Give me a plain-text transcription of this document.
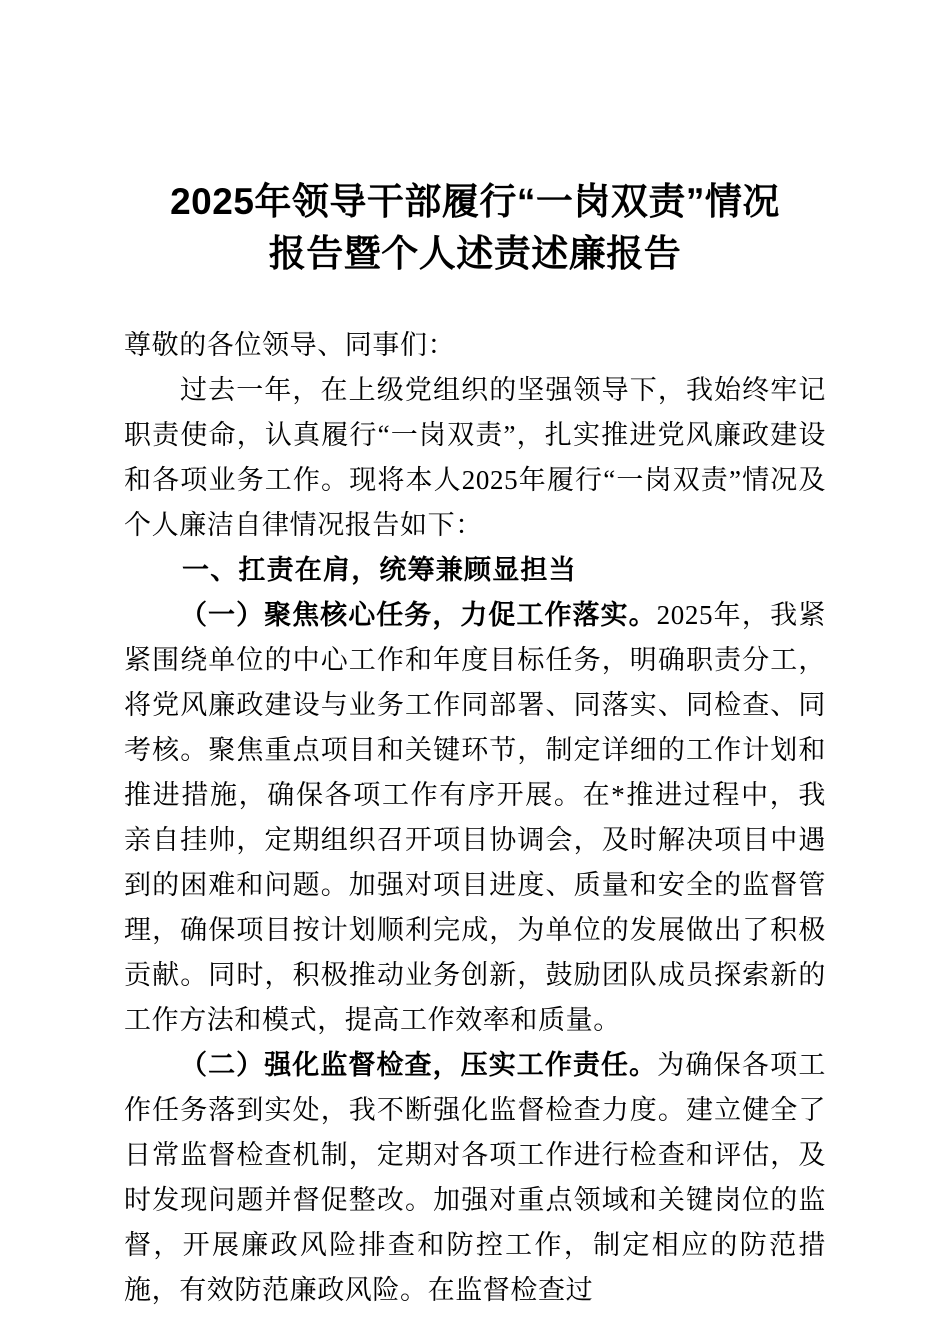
2025年领导干部履行“一岗双责”情况
报告暨个人述责述廉报告

尊敬的各位领导、同事们：

过去一年，在上级党组织的坚强领导下，我始终牢记职责使命，认真履行“一岗双责”，扎实推进党风廉政建设和各项业务工作。现将本人2025年履行“一岗双责”情况及个人廉洁自律情况报告如下：

一、扛责在肩，统筹兼顾显担当

（一）聚焦核心任务，力促工作落实。2025年，我紧紧围绕单位的中心工作和年度目标任务，明确职责分工，将党风廉政建设与业务工作同部署、同落实、同检查、同考核。聚焦重点项目和关键环节，制定详细的工作计划和推进措施，确保各项工作有序开展。在*推进过程中，我亲自挂帅，定期组织召开项目协调会，及时解决项目中遇到的困难和问题。加强对项目进度、质量和安全的监督管理，确保项目按计划顺利完成，为单位的发展做出了积极贡献。同时，积极推动业务创新，鼓励团队成员探索新的工作方法和模式，提高工作效率和质量。

（二）强化监督检查，压实工作责任。为确保各项工作任务落到实处，我不断强化监督检查力度。建立健全了日常监督检查机制，定期对各项工作进行检查和评估，及时发现问题并督促整改。加强对重点领域和关键岗位的监督，开展廉政风险排查和防控工作，制定相应的防范措施，有效防范廉政风险。在监督检查过
